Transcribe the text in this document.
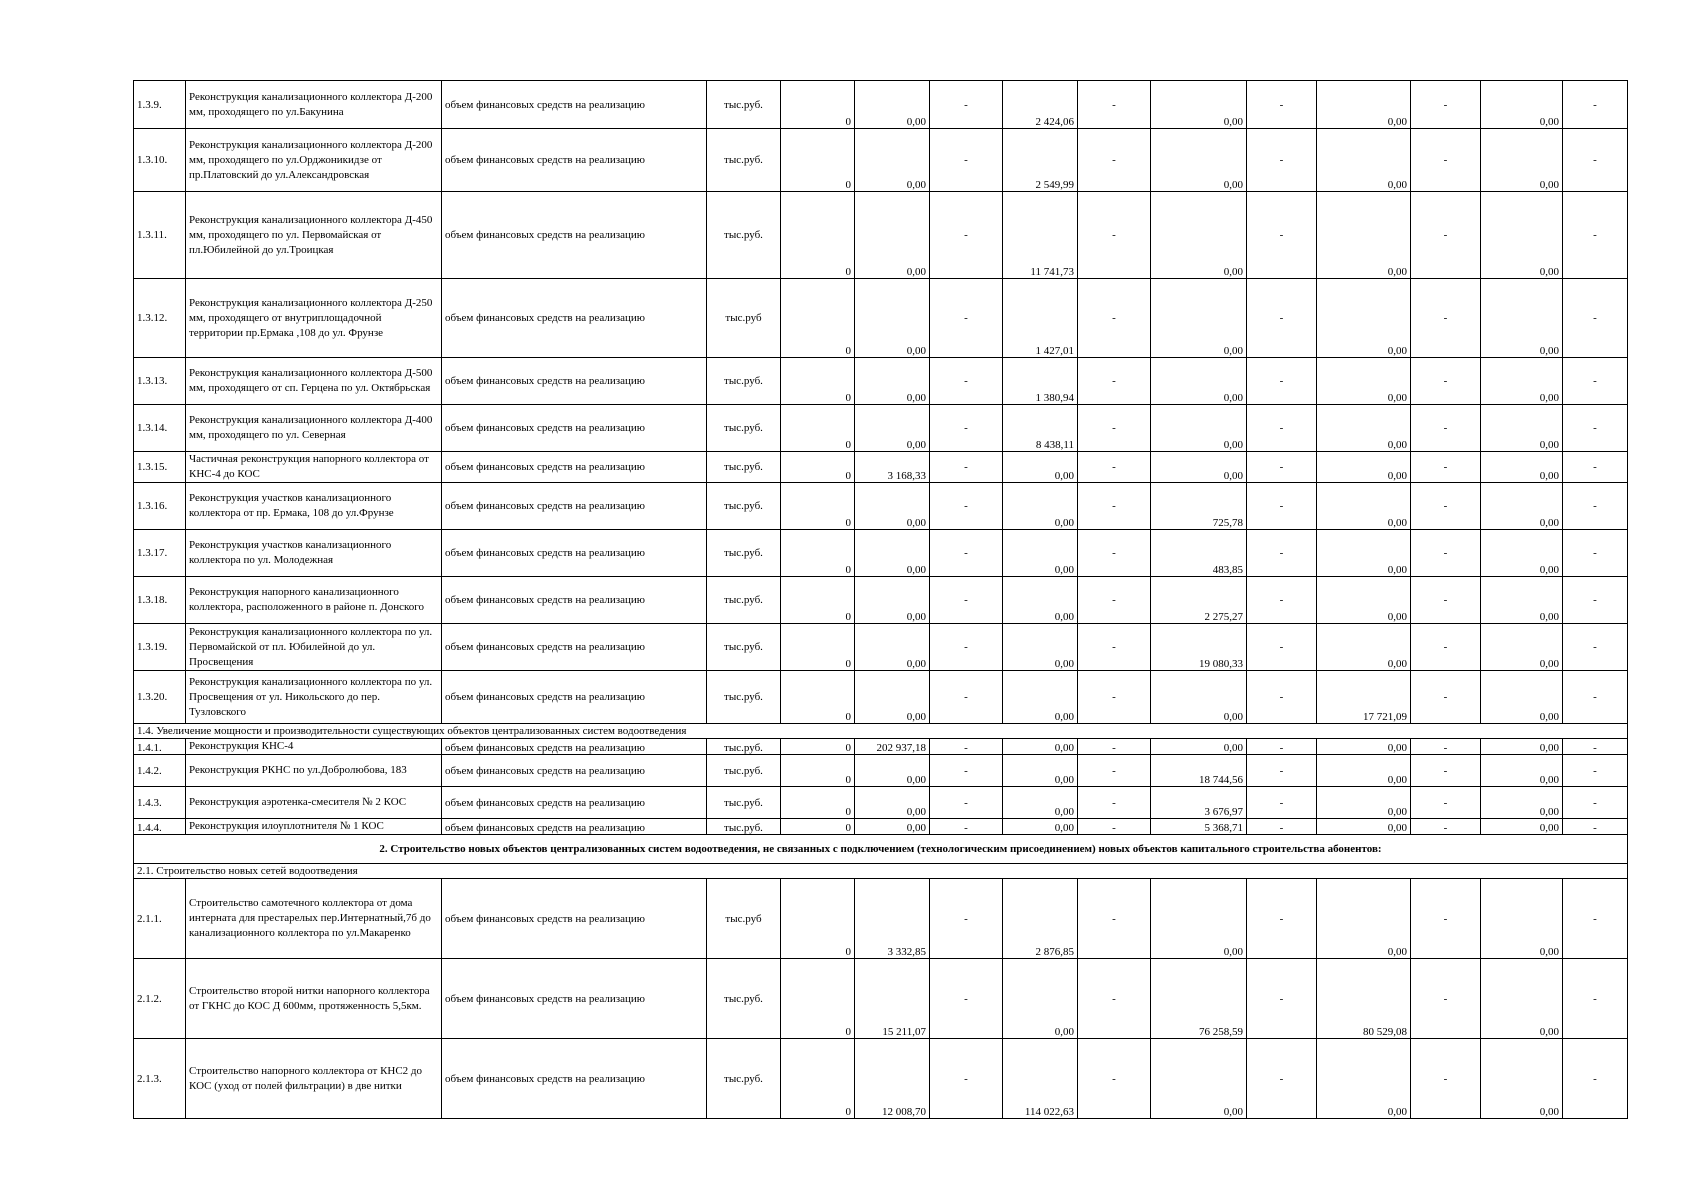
1.3.9.	Реконструкция канализационного коллектора Д-200 мм, проходящего по ул.Бакунина	объем финансовых средств на реализацию	тыс.руб.	0	0,00	-	2 424,06	-	0,00	-	0,00	-	0,00	-
1.3.10.	Реконструкция канализационного коллектора Д-200 мм, проходящего по ул.Орджоникидзе от пр.Платовский до ул.Александровская	объем финансовых средств на реализацию	тыс.руб.	0	0,00	-	2 549,99	-	0,00	-	0,00	-	0,00	-
1.3.11.	Реконструкция канализационного коллектора Д-450 мм, проходящего по ул. Первомайская от пл.Юбилейной до ул.Троицкая	объем финансовых средств на реализацию	тыс.руб.	0	0,00	-	11 741,73	-	0,00	-	0,00	-	0,00	-
1.3.12.	Реконструкция канализационного коллектора Д-250 мм, проходящего от внутриплощадочной территории пр.Ермака ,108 до ул. Фрунзе	объем финансовых средств на реализацию	тыс.руб	0	0,00	-	1 427,01	-	0,00	-	0,00	-	0,00	-
1.3.13.	Реконструкция канализационного коллектора Д-500 мм, проходящего от сп. Герцена по ул. Октябрьская	объем финансовых средств на реализацию	тыс.руб.	0	0,00	-	1 380,94	-	0,00	-	0,00	-	0,00	-
1.3.14.	Реконструкция канализационного коллектора Д-400 мм, проходящего по ул. Северная	объем финансовых средств на реализацию	тыс.руб.	0	0,00	-	8 438,11	-	0,00	-	0,00	-	0,00	-
1.3.15.	Частичная реконструкция напорного коллектора от КНС-4 до КОС	объем финансовых средств на реализацию	тыс.руб.	0	3 168,33	-	0,00	-	0,00	-	0,00	-	0,00	-
1.3.16.	Реконструкция участков канализационного коллектора от пр. Ермака, 108 до ул.Фрунзе	объем финансовых средств на реализацию	тыс.руб.	0	0,00	-	0,00	-	725,78	-	0,00	-	0,00	-
1.3.17.	Реконструкция участков канализационного коллектора по ул. Молодежная	объем финансовых средств на реализацию	тыс.руб.	0	0,00	-	0,00	-	483,85	-	0,00	-	0,00	-
1.3.18.	Реконструкция напорного канализационного коллектора, расположенного в районе п. Донского	объем финансовых средств на реализацию	тыс.руб.	0	0,00	-	0,00	-	2 275,27	-	0,00	-	0,00	-
1.3.19.	Реконструкция канализационного коллектора по ул. Первомайской от пл. Юбилейной до ул. Просвещения	объем финансовых средств на реализацию	тыс.руб.	0	0,00	-	0,00	-	19 080,33	-	0,00	-	0,00	-
1.3.20.	Реконструкция канализационного коллектора по ул. Просвещения от ул. Никольского до пер. Тузловского	объем финансовых средств на реализацию	тыс.руб.	0	0,00	-	0,00	-	0,00	-	17 721,09	-	0,00	-
1.4. Увеличение мощности и производительности существующих объектов централизованных систем водоотведения														
1.4.1.	Реконструкция КНС-4	объем финансовых средств на реализацию	тыс.руб.	0	202 937,18	-	0,00	-	0,00	-	0,00	-	0,00	-
1.4.2.	Реконструкция РКНС по ул.Добролюбова, 183	объем финансовых средств на реализацию	тыс.руб.	0	0,00	-	0,00	-	18 744,56	-	0,00	-	0,00	-
1.4.3.	Реконструкция аэротенка-смесителя № 2 КОС	объем финансовых средств на реализацию	тыс.руб.	0	0,00	-	0,00	-	3 676,97	-	0,00	-	0,00	-
1.4.4.	Реконструкция илоуплотнителя № 1 КОС	объем финансовых средств на реализацию	тыс.руб.	0	0,00	-	0,00	-	5 368,71	-	0,00	-	0,00	-
2. Строительство новых объектов централизованных систем водоотведения, не связанных с подключением (технологическим присоединением) новых объектов капитального строительства абонентов:														
2.1. Строительство новых сетей водоотведения														
2.1.1.	Строительство самотечного коллектора от дома интерната для престарелых пер.Интернатный,7б до канализационного коллектора по ул.Макаренко	объем финансовых средств на реализацию	тыс.руб	0	3 332,85	-	2 876,85	-	0,00	-	0,00	-	0,00	-
2.1.2.	Строительство второй нитки напорного коллектора от ГКНС до КОС Д 600мм, протяженность 5,5км.	объем финансовых средств на реализацию	тыс.руб.	0	15 211,07	-	0,00	-	76 258,59	-	80 529,08	-	0,00	-
2.1.3.	Строительство напорного коллектора от КНС2 до КОС (уход от полей фильтрации) в две нитки	объем финансовых средств на реализацию	тыс.руб.	0	12 008,70	-	114 022,63	-	0,00	-	0,00	-	0,00	-
